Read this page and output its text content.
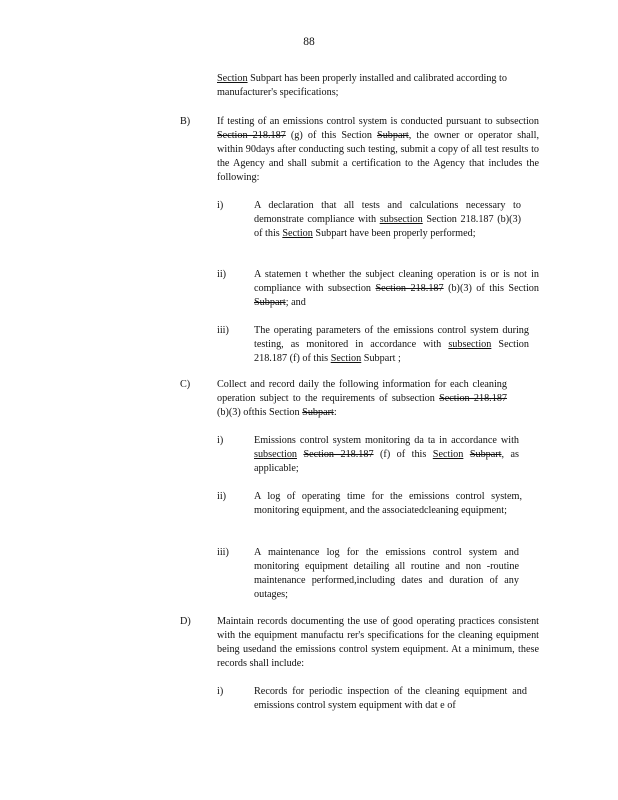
88
Section Subpart has been properly installed and calibrated according to manufacturer's specifications;
B)	If testing of an emissions control system is conducted pursuant to subsection Section 218.187 (g) of this Section Subpart, the owner or operator shall, within 90days after conducting such testing, submit a copy of all test results to the Agency and shall submit a certification to the Agency that includes the following:
i)	A declaration that all tests and calculations necessary to demonstrate compliance with subsection Section 218.187 (b)(3) of this Section Subpart have been properly performed;
ii)	A statemen t whether the subject cleaning operation is or is not in compliance with subsection Section 218.187 (b)(3) of this Section Subpart; and
iii) The operating parameters of the emissions control system during testing, as monitored in accordance with subsection Section 218.187 (f) of this Section Subpart ;
C)	Collect and record daily the following information for each cleaning operation subject to the requirements of subsection Section 218.187 (b)(3) ofthis Section Subpart:
i)	Emissions control system monitoring da ta in accordance with subsection Section 218.187 (f) of this Section Subpart, as applicable;
ii)	A log of operating time for the emissions control system, monitoring equipment, and the associatedcleaning equipment;
iii) A maintenance log for the emissions control system and monitoring equipment detailing all routine and non -routine maintenance performed,including dates and duration of any outages;
D)	Maintain records documenting the use of good operating practices consistent with the equipment manufactu rer's specifications for the cleaning equipment being usedand the emissions control system equipment. At a minimum, these records shall include:
i)	Records for periodic inspection of the cleaning equipment and emissions control system equipment with dat e of
